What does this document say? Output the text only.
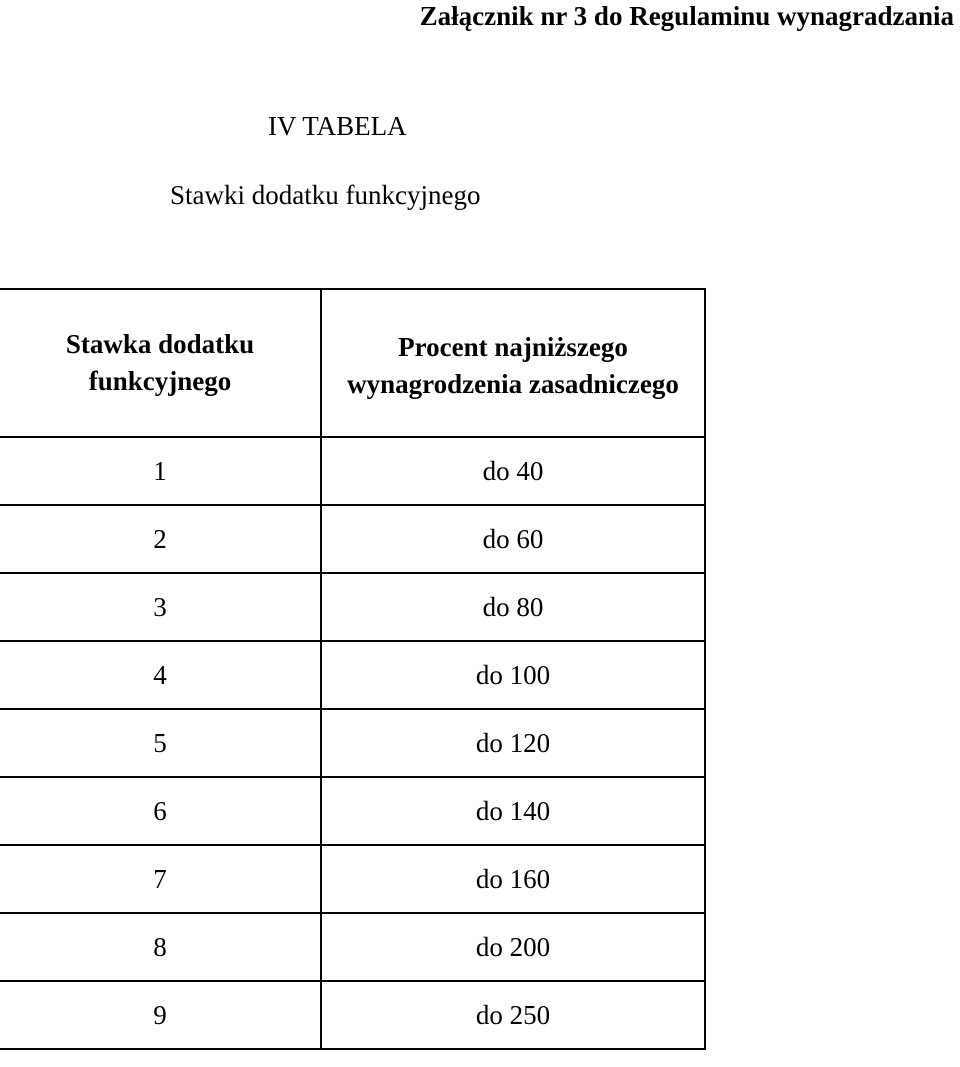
Załącznik nr 3 do Regulaminu wynagradzania
IV TABELA
Stawki dodatku funkcyjnego
Stawka dodatku funkcyjnego	Procent najniższego wynagrodzenia zasadniczego
1	do 40
2	do 60
3	do 80
4	do 100
5	do 120
6	do 140
7	do 160
8	do 200
9	do 250
